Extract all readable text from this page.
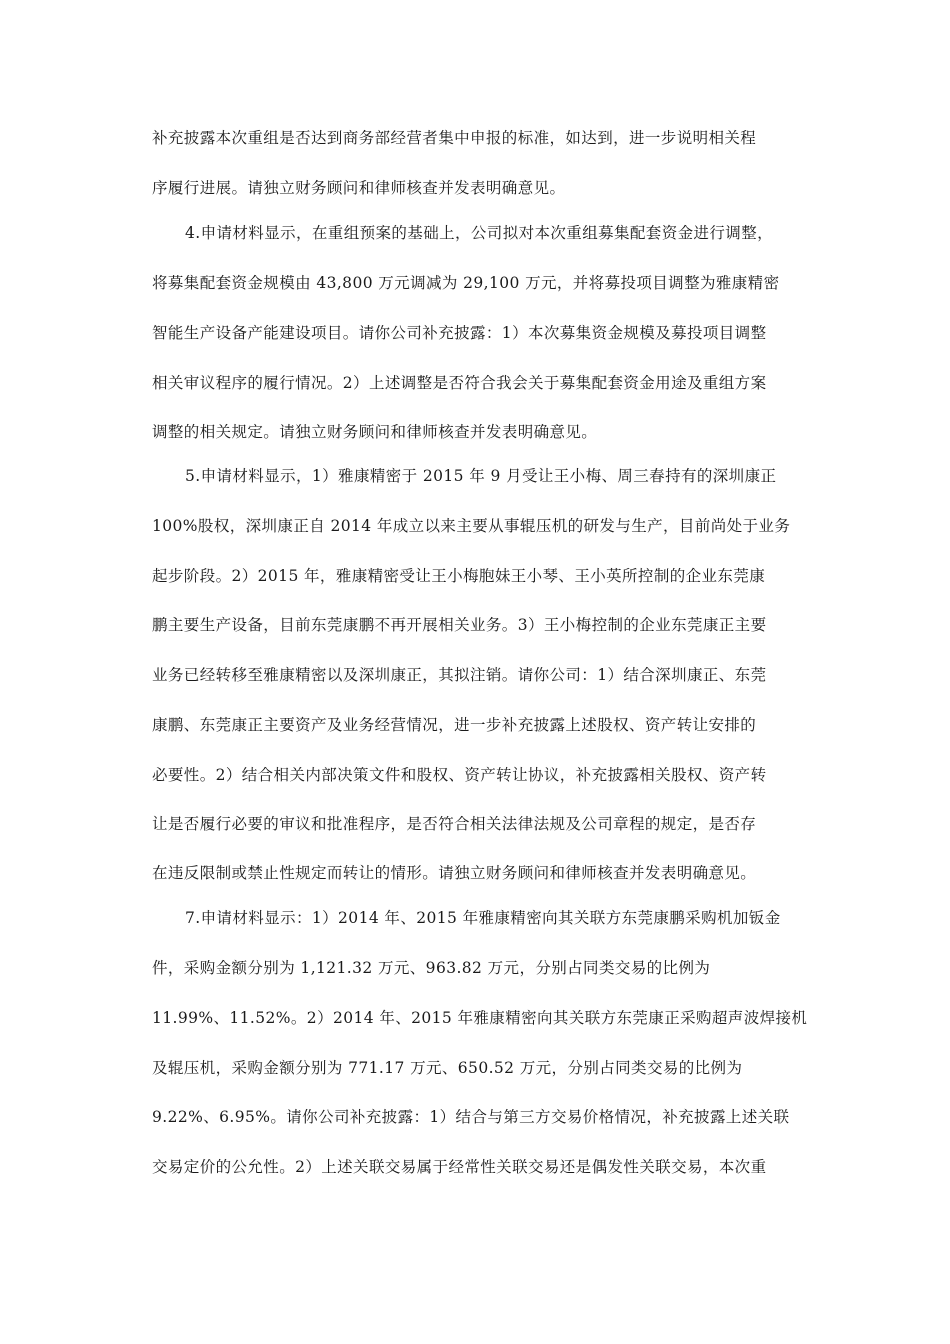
补充披露本次重组是否达到商务部经营者集中申报的标准，如达到，进一步说明相关程
序履行进展。请独立财务顾问和律师核查并发表明确意见。
4.申请材料显示，在重组预案的基础上，公司拟对本次重组募集配套资金进行调整，
将募集配套资金规模由 43,800 万元调减为 29,100 万元，并将募投项目调整为雅康精密
智能生产设备产能建设项目。请你公司补充披露：1）本次募集资金规模及募投项目调整
相关审议程序的履行情况。2）上述调整是否符合我会关于募集配套资金用途及重组方案
调整的相关规定。请独立财务顾问和律师核查并发表明确意见。
5.申请材料显示，1）雅康精密于 2015 年 9 月受让王小梅、周三春持有的深圳康正
100%股权，深圳康正自 2014 年成立以来主要从事辊压机的研发与生产，目前尚处于业务
起步阶段。2）2015 年，雅康精密受让王小梅胞妹王小琴、王小英所控制的企业东莞康
鹏主要生产设备，目前东莞康鹏不再开展相关业务。3）王小梅控制的企业东莞康正主要
业务已经转移至雅康精密以及深圳康正，其拟注销。请你公司：1）结合深圳康正、东莞
康鹏、东莞康正主要资产及业务经营情况，进一步补充披露上述股权、资产转让安排的
必要性。2）结合相关内部决策文件和股权、资产转让协议，补充披露相关股权、资产转
让是否履行必要的审议和批准程序，是否符合相关法律法规及公司章程的规定，是否存
在违反限制或禁止性规定而转让的情形。请独立财务顾问和律师核查并发表明确意见。
7.申请材料显示：1）2014 年、2015 年雅康精密向其关联方东莞康鹏采购机加钣金
件，采购金额分别为 1,121.32 万元、963.82 万元，分别占同类交易的比例为
11.99%、11.52%。2）2014 年、2015 年雅康精密向其关联方东莞康正采购超声波焊接机
及辊压机，采购金额分别为 771.17 万元、650.52 万元，分别占同类交易的比例为
9.22%、6.95%。请你公司补充披露：1）结合与第三方交易价格情况，补充披露上述关联
交易定价的公允性。2）上述关联交易属于经常性关联交易还是偶发性关联交易，本次重
